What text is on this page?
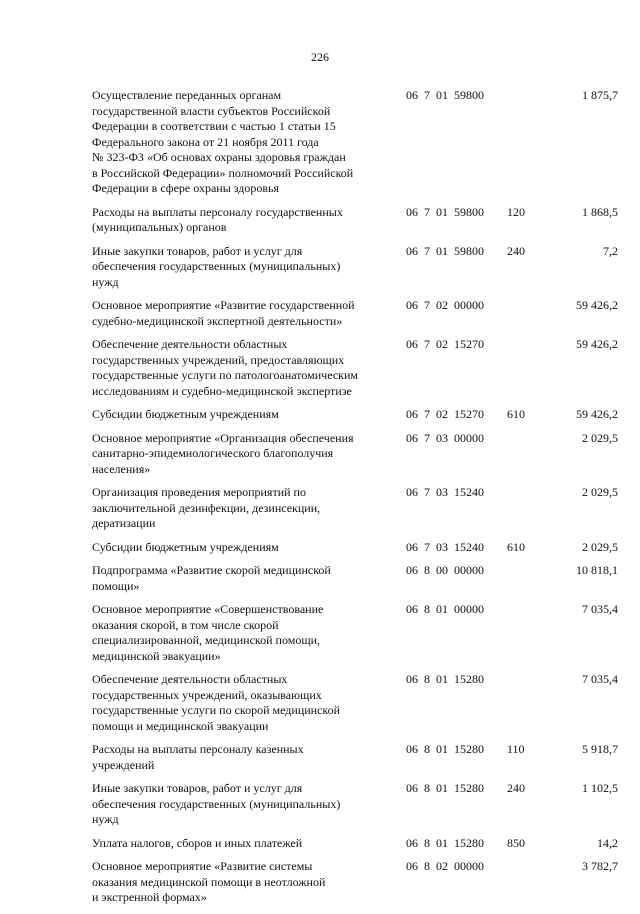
226
Осуществление переданных органам
государственной власти субъектов Российской
Федерации в соответствии с частью 1 статьи 15
Федерального закона от 21 ноября 2011 года
№ 323-ФЗ «Об основах охраны здоровья граждан
в Российской Федерации» полномочий Российской
Федерации в сфере охраны здоровья
06  7  01  59800	1 875,7
Расходы на выплаты персоналу государственных
(муниципальных) органов
06  7  01  59800 120	1 868,5
Иные закупки товаров, работ и услуг для
обеспечения государственных (муниципальных)
нужд
06  7  01  59800 240	7,2
Основное мероприятие «Развитие государственной
судебно-медицинской экспертной деятельности»
06  7  02  00000	59 426,2
Обеспечение деятельности областных
государственных учреждений, предоставляющих
государственные услуги по патологоанатомическим
исследованиям и судебно-медицинской экспертизе
06  7  02  15270	59 426,2
Субсидии бюджетным учреждениям	06  7  02  15270 610	59 426,2
Основное мероприятие «Организация обеспечения
санитарно-эпидемиологического благополучия
населения»
06  7  03  00000	2 029,5
Организация проведения мероприятий по
заключительной дезинфекции, дезинсекции,
дератизации
06  7  03  15240	2 029,5
Субсидии бюджетным учреждениям	06  7  03  15240 610	2 029,5
Подпрограмма «Развитие скорой медицинской
помощи»
06  8  00  00000	10 818,1
Основное мероприятие «Совершенствование
оказания скорой, в том числе скорой
специализированной, медицинской помощи,
медицинской эвакуации»
06  8  01  00000	7 035,4
Обеспечение деятельности областных
государственных учреждений, оказывающих
государственные услуги по скорой медицинской
помощи и медицинской эвакуации
06  8  01  15280	7 035,4
Расходы на выплаты персоналу казенных
учреждений
06  8  01  15280 110	5 918,7
Иные закупки товаров, работ и услуг для
обеспечения государственных (муниципальных)
нужд
06  8  01  15280 240	1 102,5
Уплата налогов, сборов и иных платежей	06  8  01  15280 850	14,2
Основное мероприятие «Развитие системы
оказания медицинской помощи в неотложной
и экстренной формах»
06  8  02  00000	3 782,7
